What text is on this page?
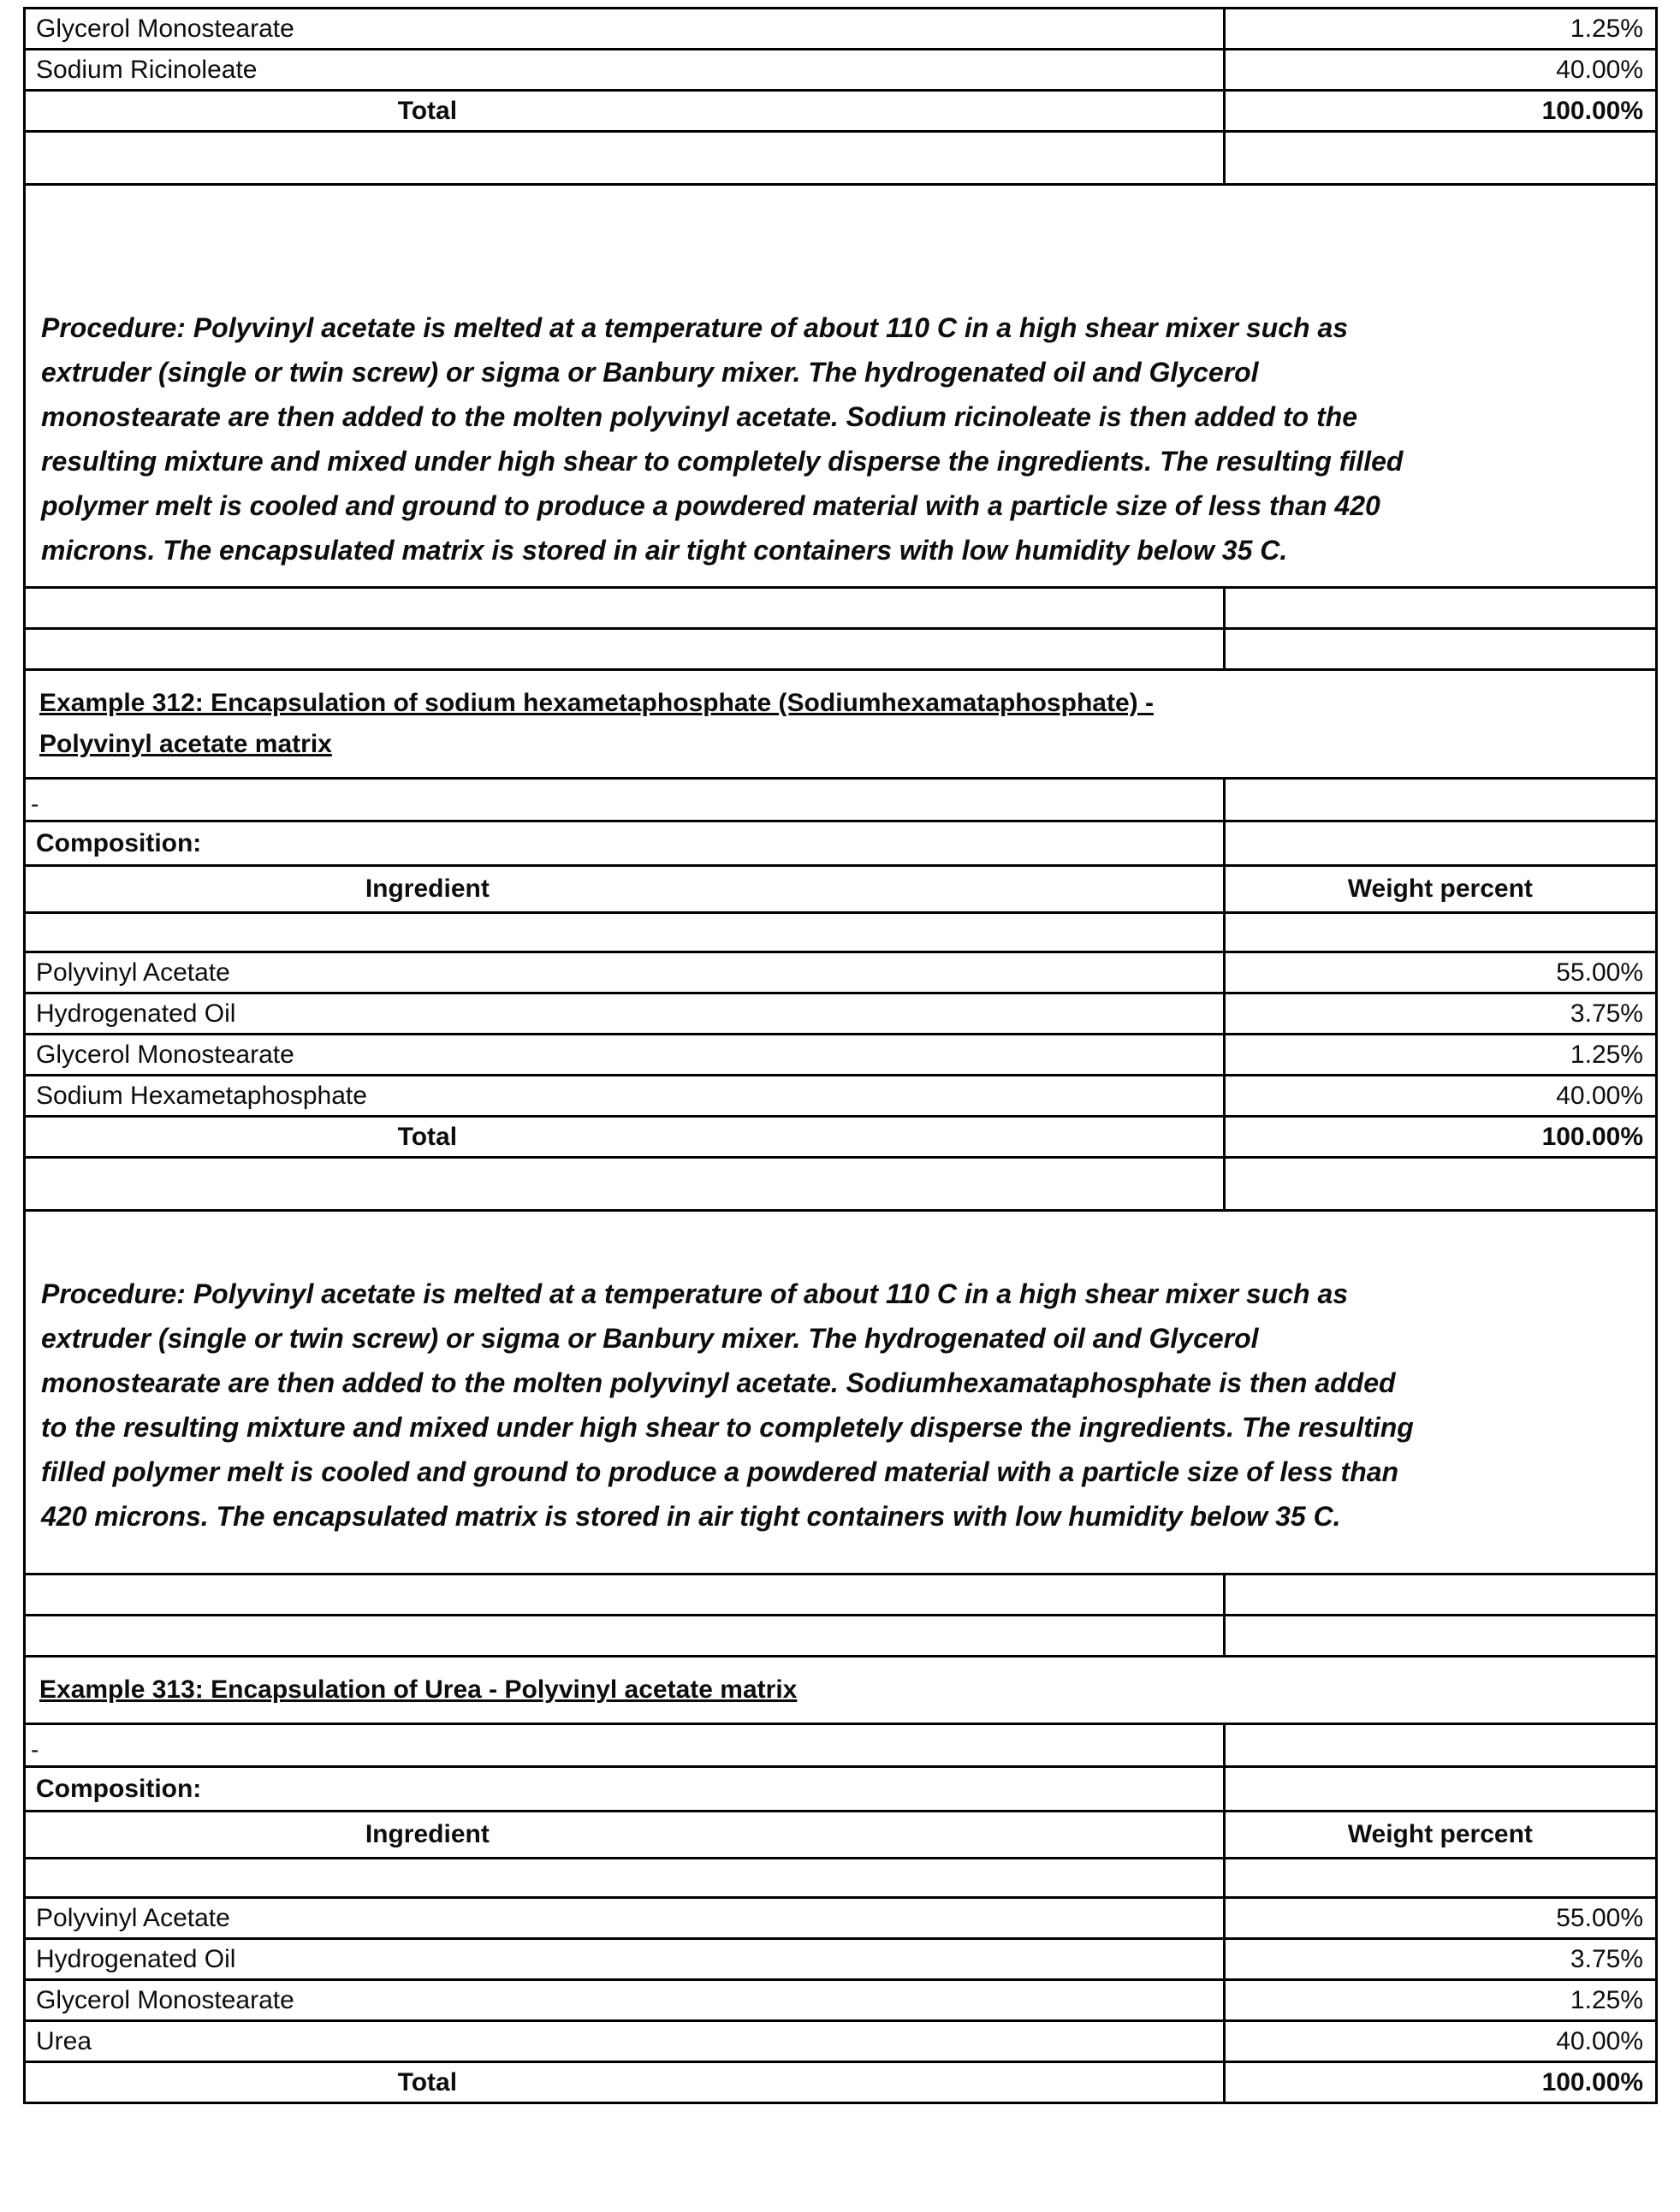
Glycerol Monostearate	1.25%
Sodium Ricinoleate	40.00%
Total	100.00%

Procedure: Polyvinyl acetate is melted at a temperature of about 110 C in a high shear mixer such as extruder (single or twin screw) or sigma or Banbury mixer. The hydrogenated oil and Glycerol monostearate are then added to the molten polyvinyl acetate. Sodium ricinoleate is then added to the resulting mixture and mixed under high shear to completely disperse the ingredients. The resulting filled polymer melt is cooled and ground to produce a powdered material with a particle size of less than 420 microns. The encapsulated matrix is stored in air tight containers with low humidity below 35 C.	

Example 312: Encapsulation of sodium hexametaphosphate (Sodiumhexamataphosphate) -
Polyvinyl acetate matrix	
-	
Composition:	
Ingredient	Weight percent

Polyvinyl Acetate	55.00%
Hydrogenated Oil	3.75%
Glycerol Monostearate	1.25%
Sodium Hexametaphosphate	40.00%
Total	100.00%

Procedure: Polyvinyl acetate is melted at a temperature of about 110 C in a high shear mixer such as extruder (single or twin screw) or sigma or Banbury mixer. The hydrogenated oil and Glycerol monostearate are then added to the molten polyvinyl acetate. Sodiumhexamataphosphate is then added to the resulting mixture and mixed under high shear to completely disperse the ingredients. The resulting filled polymer melt is cooled and ground to produce a powdered material with a particle size of less than 420 microns. The encapsulated matrix is stored in air tight containers with low humidity below 35 C.	

Example 313: Encapsulation of Urea - Polyvinyl acetate matrix	
-	
Composition:	
Ingredient	Weight percent

Polyvinyl Acetate	55.00%
Hydrogenated Oil	3.75%
Glycerol Monostearate	1.25%
Urea	40.00%
Total	100.00%
